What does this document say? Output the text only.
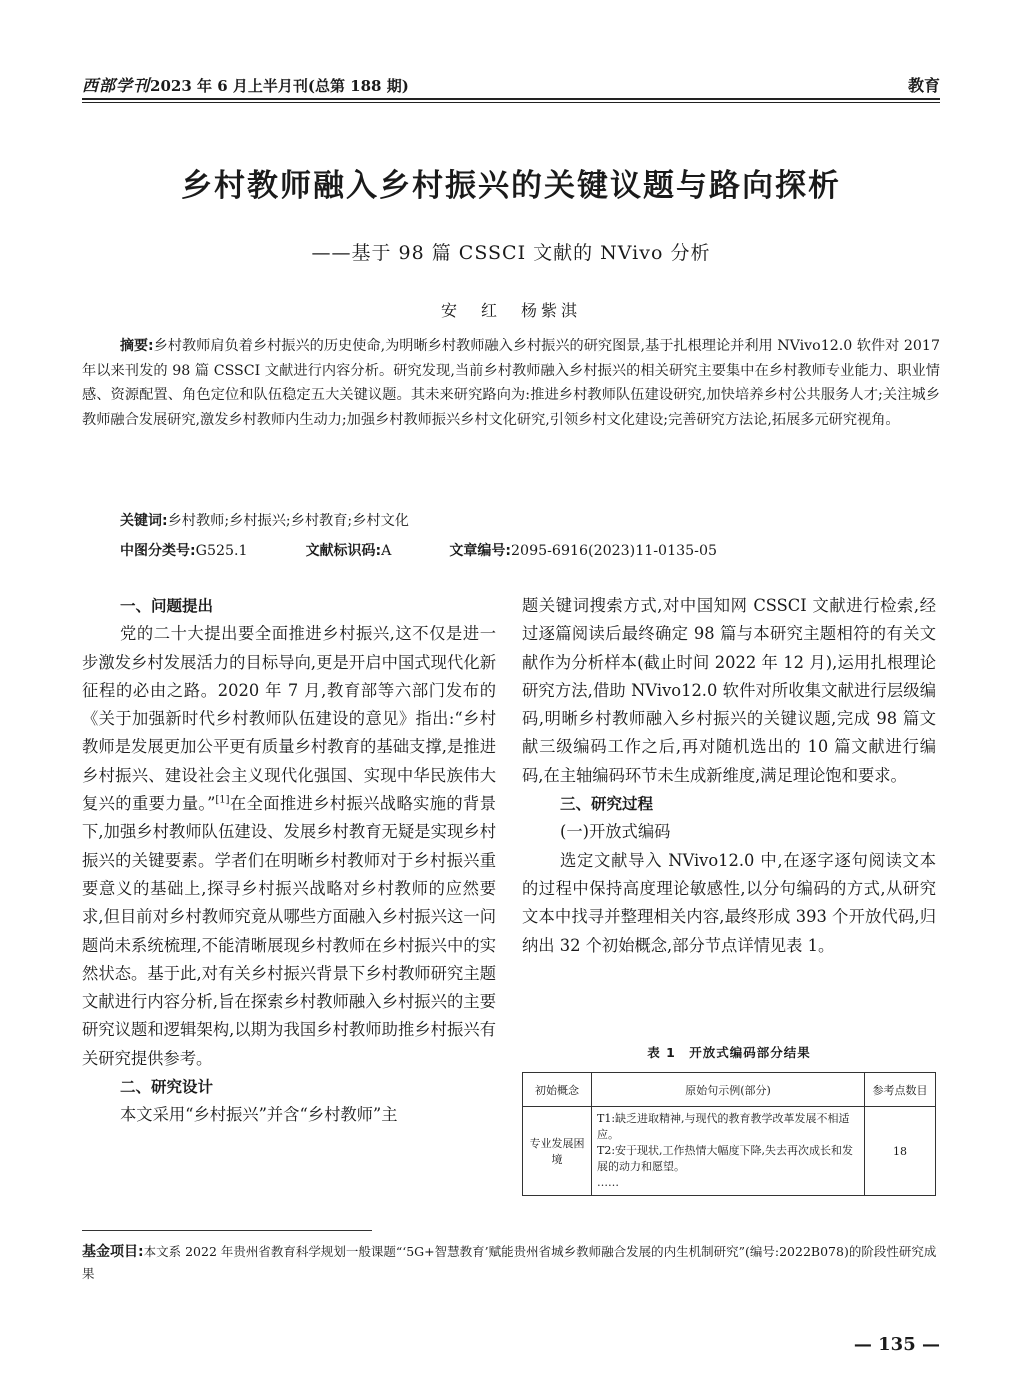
西部学刊 2023 年 6 月上半月刊(总第 188 期)	教育
乡村教师融入乡村振兴的关键议题与路向探析
——基于 98 篇 CSSCI 文献的 NVivo 分析
安　红　杨紫淇
摘要:乡村教师肩负着乡村振兴的历史使命,为明晰乡村教师融入乡村振兴的研究图景,基于扎根理论并利用 NVivo12.0 软件对 2017 年以来刊发的 98 篇 CSSCI 文献进行内容分析。研究发现,当前乡村教师融入乡村振兴的相关研究主要集中在乡村教师专业能力、职业情感、资源配置、角色定位和队伍稳定五大关键议题。其未来研究路向为:推进乡村教师队伍建设研究,加快培养乡村公共服务人才;关注城乡教师融合发展研究,激发乡村教师内生动力;加强乡村教师振兴乡村文化研究,引领乡村文化建设;完善研究方法论,拓展多元研究视角。
关键词:乡村教师;乡村振兴;乡村教育;乡村文化
中图分类号:G525.1	文献标识码:A	文章编号:2095-6916(2023)11-0135-05
一、问题提出
党的二十大提出要全面推进乡村振兴,这不仅是进一步激发乡村发展活力的目标导向,更是开启中国式现代化新征程的必由之路。2020 年 7 月,教育部等六部门发布的《关于加强新时代乡村教师队伍建设的意见》指出:“乡村教师是发展更加公平更有质量乡村教育的基础支撑,是推进乡村振兴、建设社会主义现代化强国、实现中华民族伟大复兴的重要力量。”[1]在全面推进乡村振兴战略实施的背景下,加强乡村教师队伍建设、发展乡村教育无疑是实现乡村振兴的关键要素。学者们在明晰乡村教师对于乡村振兴重要意义的基础上,探寻乡村振兴战略对乡村教师的应然要求,但目前对乡村教师究竟从哪些方面融入乡村振兴这一问题尚未系统梳理,不能清晰展现乡村教师在乡村振兴中的实然状态。基于此,对有关乡村振兴背景下乡村教师研究主题文献进行内容分析,旨在探索乡村教师融入乡村振兴的主要研究议题和逻辑架构,以期为我国乡村教师助推乡村振兴有关研究提供参考。
二、研究设计
本文采用“乡村振兴”并含“乡村教师”主
题关键词搜索方式,对中国知网 CSSCI 文献进行检索,经过逐篇阅读后最终确定 98 篇与本研究主题相符的有关文献作为分析样本(截止时间 2022 年 12 月),运用扎根理论研究方法,借助 NVivo12.0 软件对所收集文献进行层级编码,明晰乡村教师融入乡村振兴的关键议题,完成 98 篇文献三级编码工作之后,再对随机选出的 10 篇文献进行编码,在主轴编码环节未生成新维度,满足理论饱和要求。
三、研究过程
(一)开放式编码
选定文献导入 NVivo12.0 中,在逐字逐句阅读文本的过程中保持高度理论敏感性,以分句编码的方式,从研究文本中找寻并整理相关内容,最终形成 393 个开放代码,归纳出 32 个初始概念,部分节点详情见表 1。
表 1　开放式编码部分结果
初始概念	原始句示例(部分)	参考点数目
专业发展困境	T1:缺乏进取精神,与现代的教育教学改革发展不相适应。
T2:安于现状,工作热情大幅度下降,失去再次成长和发展的动力和愿望。
……	18
基金项目:本文系 2022 年贵州省教育科学规划一般课题“‘5G+智慧教育’赋能贵州省城乡教师融合发展的内生机制研究”(编号:2022B078)的阶段性研究成果
— 135 —
